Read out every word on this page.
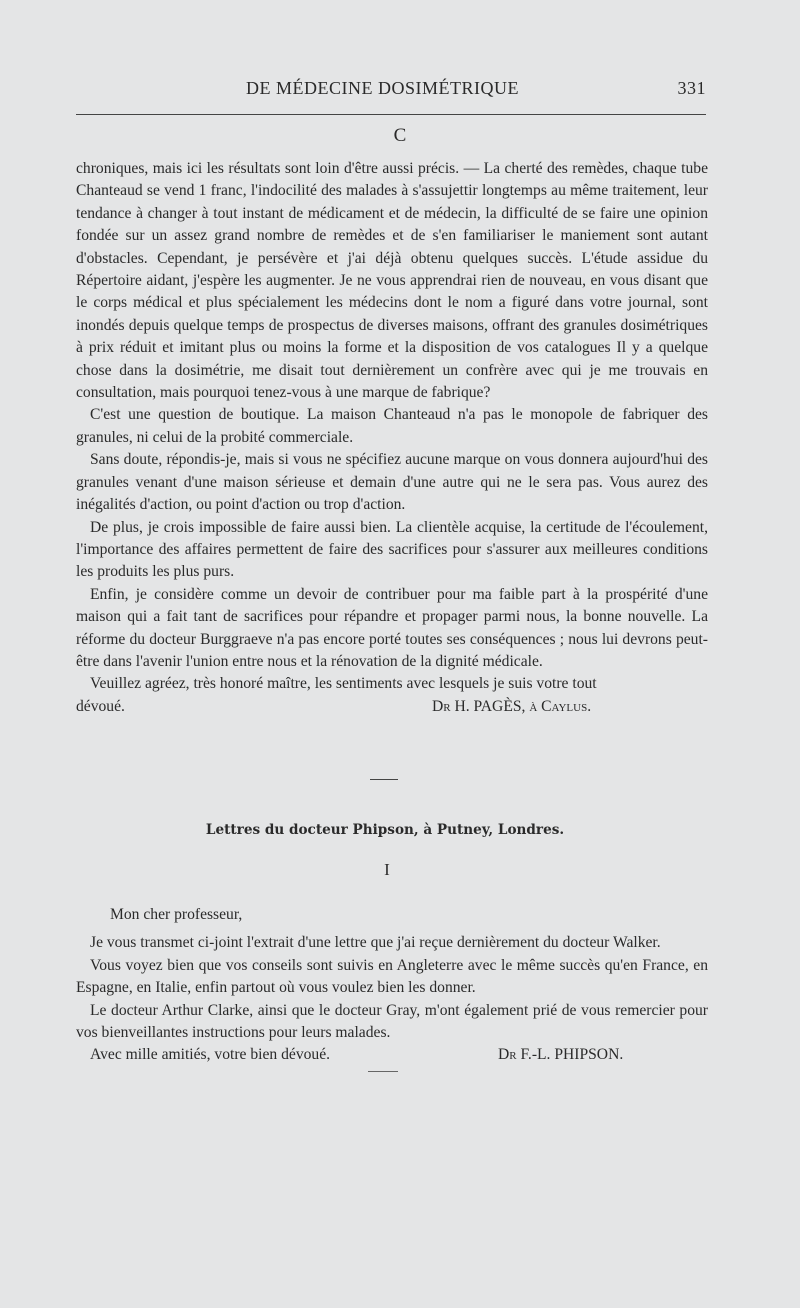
DE MÉDECINE DOSIMÉTRIQUE	331
C

chroniques, mais ici les résultats sont loin d'être aussi précis. — La cherté des remèdes, chaque tube Chanteaud se vend 1 franc, l'indocilité des malades à s'assujettir longtemps au même traitement, leur tendance à changer à tout instant de médicament et de médecin, la difficulté de se faire une opinion fondée sur un assez grand nombre de remèdes et de s'en familiariser le maniement sont autant d'obstacles. Cependant, je persévère et j'ai déjà obtenu quelques succès. L'étude assidue du Répertoire aidant, j'espère les augmenter. Je ne vous apprendrai rien de nouveau, en vous disant que le corps médical et plus spécialement les médecins dont le nom a figuré dans votre journal, sont inondés depuis quelque temps de prospectus de diverses maisons, offrant des granules dosimétriques à prix réduit et imitant plus ou moins la forme et la disposition de vos catalogues Il y a quelque chose dans la dosimétrie, me disait tout dernièrement un confrère avec qui je me trouvais en consultation, mais pourquoi tenez-vous à une marque de fabrique?

C'est une question de boutique. La maison Chanteaud n'a pas le monopole de fabriquer des granules, ni celui de la probité commerciale.

Sans doute, répondis-je, mais si vous ne spécifiez aucune marque on vous donnera aujourd'hui des granules venant d'une maison sérieuse et demain d'une autre qui ne le sera pas. Vous aurez des inégalités d'action, ou point d'action ou trop d'action.

De plus, je crois impossible de faire aussi bien. La clientèle acquise, la certitude de l'écoulement, l'importance des affaires permettent de faire des sacrifices pour s'assurer aux meilleures conditions les produits les plus purs.

Enfin, je considère comme un devoir de contribuer pour ma faible part à la prospérité d'une maison qui a fait tant de sacrifices pour répandre et propager parmi nous, la bonne nouvelle. La réforme du docteur Burggraeve n'a pas encore porté toutes ses conséquences ; nous lui devrons peut-être dans l'avenir l'union entre nous et la rénovation de la dignité médicale.

Veuillez agréez, très honoré maître, les sentiments avec lesquels je suis votre tout

dévoué.	Dr H. PAGÈS, à Caylus.
Lettres du docteur Phipson, à Putney, Londres.
I

Mon cher professeur,

Je vous transmet ci-joint l'extrait d'une lettre que j'ai reçue dernièrement du docteur Walker.

Vous voyez bien que vos conseils sont suivis en Angleterre avec le même succès qu'en France, en Espagne, en Italie, enfin partout où vous voulez bien les donner.

Le docteur Arthur Clarke, ainsi que le docteur Gray, m'ont également prié de vous remercier pour vos bienveillantes instructions pour leurs malades.

Avec mille amitiés, votre bien dévoué.	Dr F.-L. PHIPSON.
